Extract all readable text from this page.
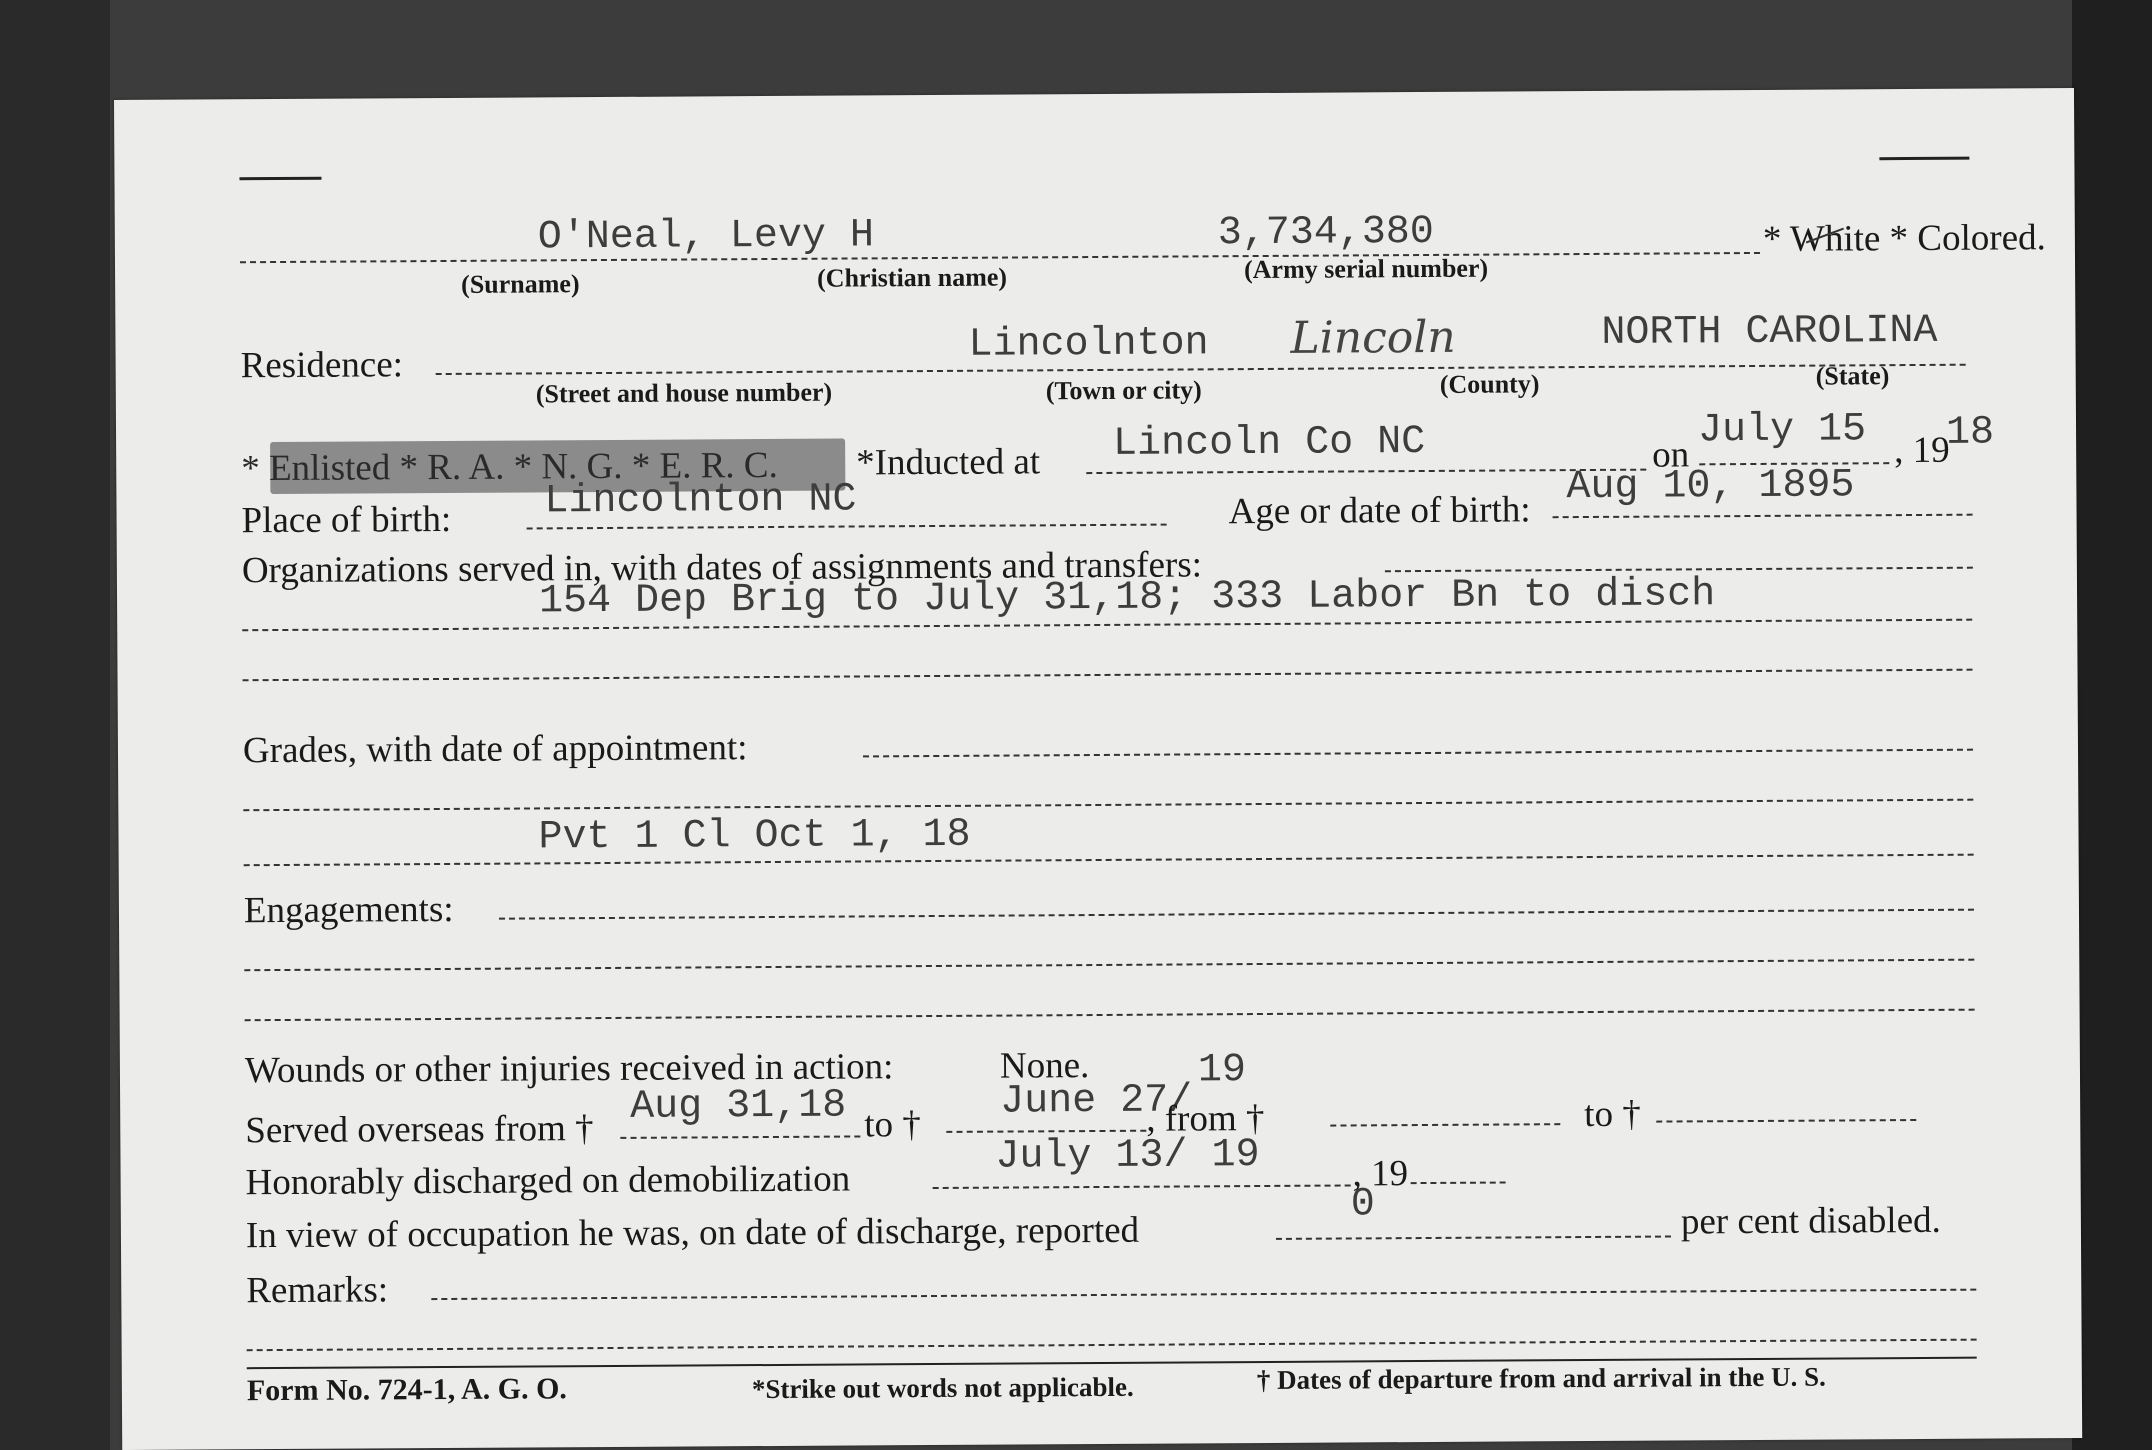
O'Neal, Levy H	3,734,380	* White * Colored.
(Surname)	(Christian name)	(Army serial number)
Residence:	Lincolnton Lincoln	NORTH CAROLINA
(Street and house number)	(Town or city)	(County)	(State)
* Enlisted * R. A. * N. G. * E. R. C. *Inducted at Lincoln Co NC	on
July 15 , 19
18
Place of birth: Lincolnton NC	Age or date of birth:
Aug 10, 1895
Organizations served in, with dates of assignments and transfers:
154 Dep Brig to July 31,18; 333 Labor Bn to disch
Grades, with date of appointment:
Pvt 1 Cl Oct 1, 18
Engagements:
Wounds or other injuries received in action:	None.
Served overseas from † Aug 31,18 to †
June 27/
19
, from †	to †
Honorably discharged on demobilization
July 13/ 19	, 19
In view of occupation he was, on date of discharge, reported
0	per cent disabled.
Remarks:
Form No. 724-1, A. G. O.	*Strike out words not applicable.	† Dates of departure from and arrival in the U. S.
